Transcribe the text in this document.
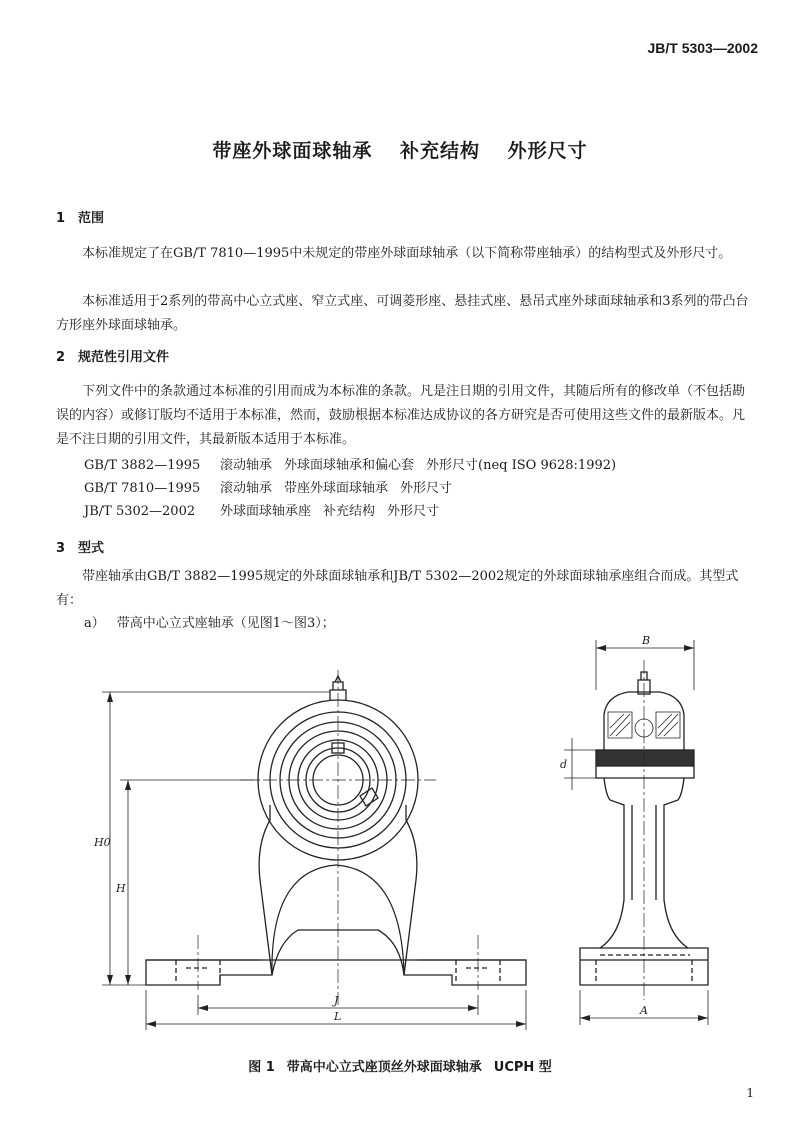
JB/T 5303—2002
带座外球面球轴承 补充结构 外形尺寸
1 范围
本标准规定了在GB/T 7810—1995中未规定的带座外球面球轴承（以下简称带座轴承）的结构型式及外形尺寸。
本标准适用于2系列的带高中心立式座、窄立式座、可调菱形座、悬挂式座、悬吊式座外球面球轴承和3系列的带凸台方形座外球面球轴承。
2 规范性引用文件
下列文件中的条款通过本标准的引用而成为本标准的条款。凡是注日期的引用文件，其随后所有的修改单（不包括勘误的内容）或修订版均不适用于本标准，然而，鼓励根据本标准达成协议的各方研究是否可使用这些文件的最新版本。凡是不注日期的引用文件，其最新版本适用于本标准。
GB/T 3882—1995 滚动轴承 外球面球轴承和偏心套 外形尺寸(neq ISO 9628:1992)
GB/T 7810—1995 滚动轴承 带座外球面球轴承 外形尺寸
JB/T 5302—2002 外球面球轴承座 补充结构 外形尺寸
3 型式
带座轴承由GB/T 3882—1995规定的外球面球轴承和JB/T 5302—2002规定的外球面球轴承座组合而成。其型式有：
a） 带高中心立式座轴承（见图1～图3）；
B
d
H0
H
J
L	A
图 1 带高中心立式座顶丝外球面球轴承 UCPH 型
1
